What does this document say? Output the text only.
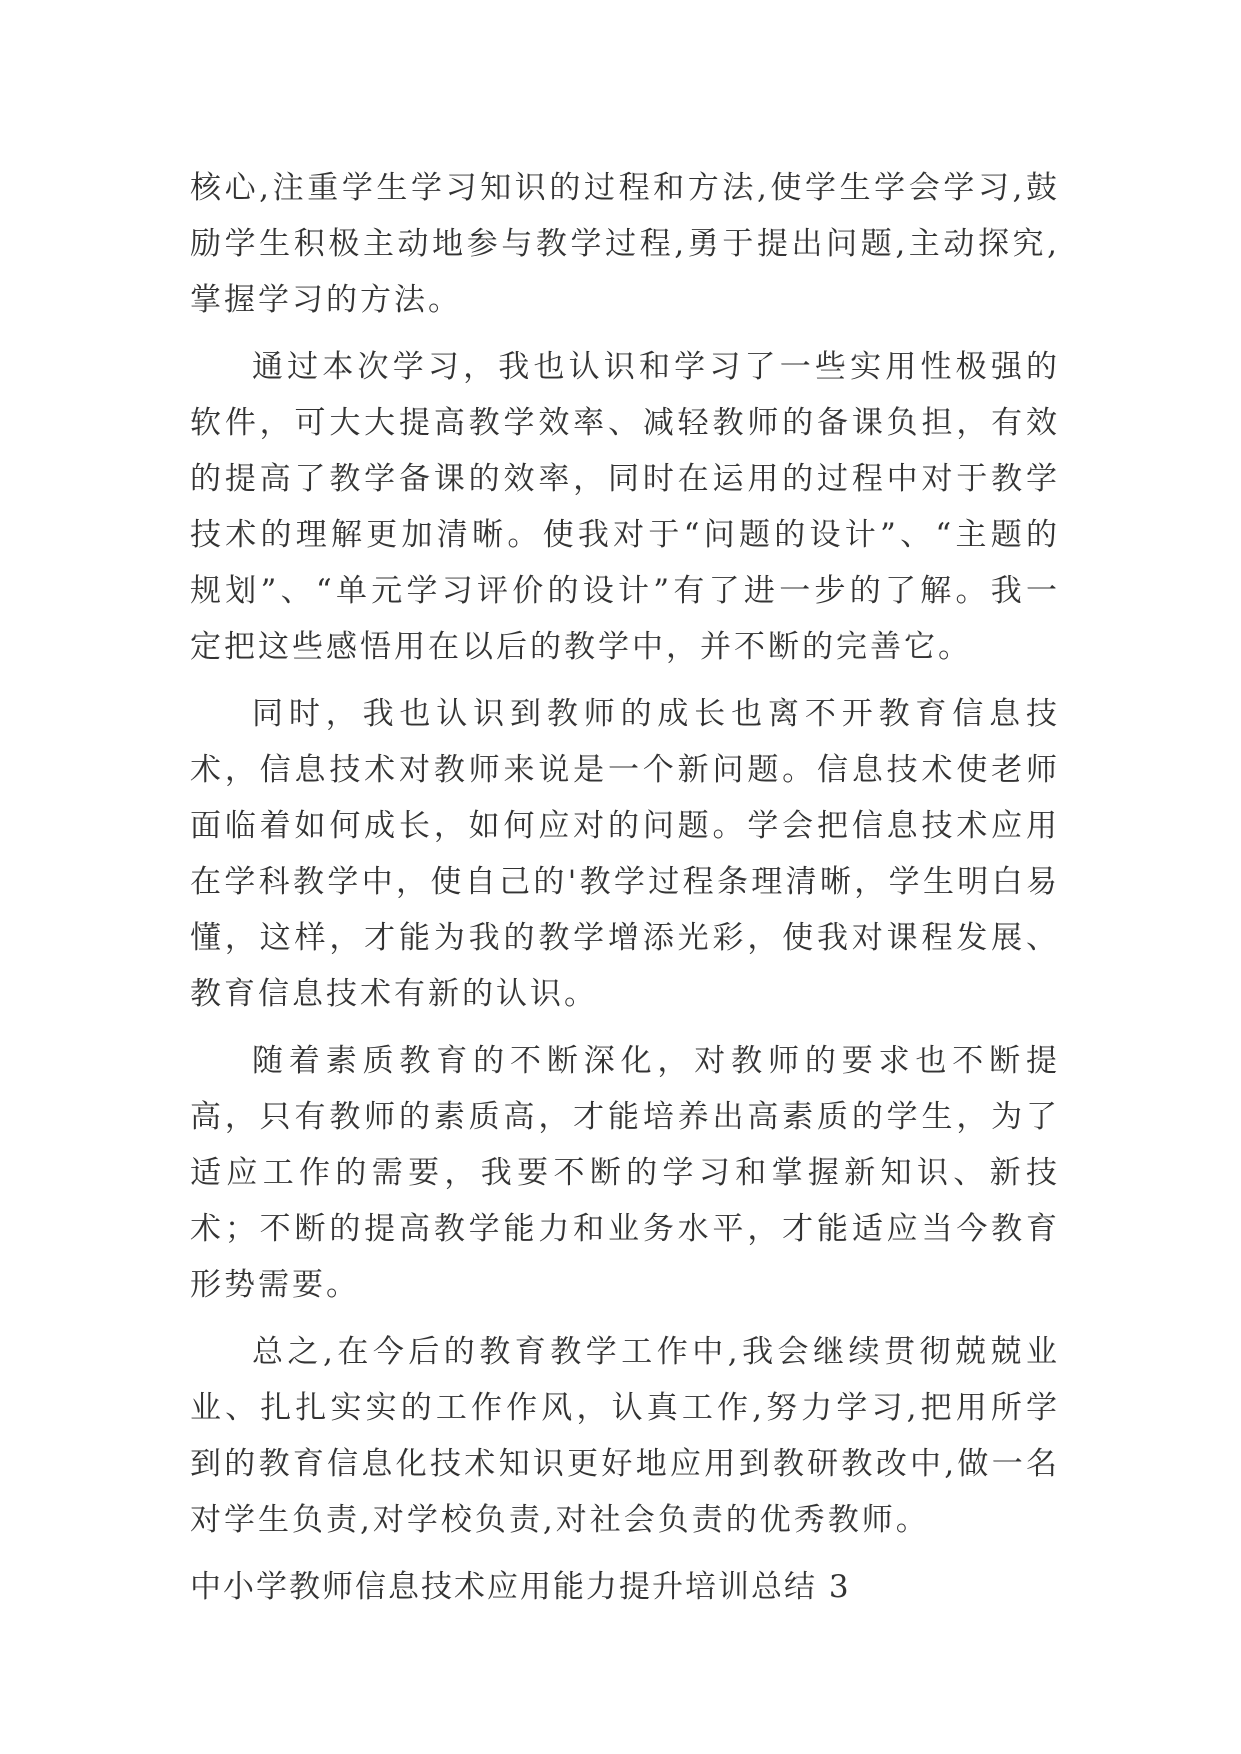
核心,注重学生学习知识的过程和方法,使学生学会学习,鼓励学生积极主动地参与教学过程,勇于提出问题,主动探究,掌握学习的方法。

通过本次学习，我也认识和学习了一些实用性极强的软件，可大大提高教学效率、减轻教师的备课负担，有效的提高了教学备课的效率，同时在运用的过程中对于教学技术的理解更加清晰。使我对于“问题的设计”、“主题的规划”、“单元学习评价的设计”有了进一步的了解。我一定把这些感悟用在以后的教学中，并不断的完善它。

同时，我也认识到教师的成长也离不开教育信息技术，信息技术对教师来说是一个新问题。信息技术使老师面临着如何成长，如何应对的问题。学会把信息技术应用在学科教学中，使自己的'教学过程条理清晰，学生明白易懂，这样，才能为我的教学增添光彩，使我对课程发展、教育信息技术有新的认识。

随着素质教育的不断深化，对教师的要求也不断提高，只有教师的素质高，才能培养出高素质的学生，为了适应工作的需要，我要不断的学习和掌握新知识、新技术；不断的提高教学能力和业务水平，才能适应当今教育形势需要。

总之,在今后的教育教学工作中,我会继续贯彻兢兢业业、扎扎实实的工作作风，认真工作,努力学习,把用所学到的教育信息化技术知识更好地应用到教研教改中,做一名对学生负责,对学校负责,对社会负责的优秀教师。

中小学教师信息技术应用能力提升培训总结 3
